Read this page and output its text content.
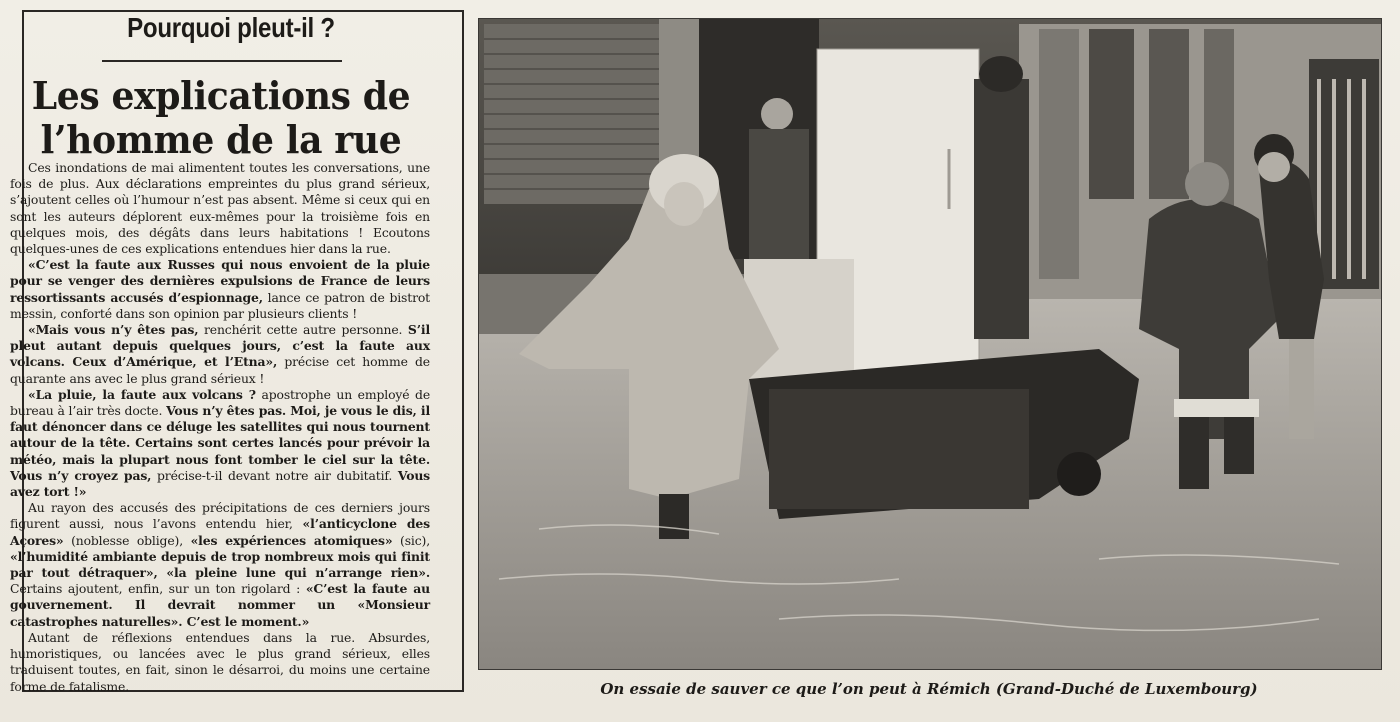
Pourquoi pleut-il ?
Les explications de
l’homme de la rue

Ces inondations de mai alimentent toutes les conversations, une fois de plus. Aux déclarations empreintes du plus grand sérieux, s’ajoutent celles où l’humour n’est pas absent. Même si ceux qui en sont les auteurs déplorent eux-mêmes pour la troisième fois en quelques mois, des dégâts dans leurs habitations ! Ecoutons quelques-unes de ces explications entendues hier dans la rue.

«C’est la faute aux Russes qui nous envoient de la pluie pour se venger des dernières expulsions de France de leurs ressortissants accusés d’espionnage, lance ce patron de bistrot messin, conforté dans son opinion par plusieurs clients !

«Mais vous n’y êtes pas, renchérit cette autre personne. S’il pleut autant depuis quelques jours, c’est la faute aux volcans. Ceux d’Amérique, et l’Etna», précise cet homme de quarante ans avec le plus grand sérieux !

«La pluie, la faute aux volcans ? apostrophe un employé de bureau à l’air très docte. Vous n’y êtes pas. Moi, je vous le dis, il faut dénoncer dans ce déluge les satellites qui nous tournent autour de la tête. Certains sont certes lancés pour prévoir la météo, mais la plupart nous font tomber le ciel sur la tête. Vous n’y croyez pas, précise-t-il devant notre air dubitatif. Vous avez tort !»

Au rayon des accusés des précipitations de ces derniers jours figurent aussi, nous l’avons entendu hier, «l’anticyclone des Açores» (noblesse oblige), «les expériences atomiques» (sic), «l’humidité ambiante depuis de trop nombreux mois qui finit par tout détraquer», «la pleine lune qui n’arrange rien». Certains ajoutent, enfin, sur un ton rigolard : «C’est la faute au gouvernement. Il devrait nommer un «Monsieur catastrophes naturelles». C’est le moment.»

Autant de réflexions entendues dans la rue. Absurdes, humoristiques, ou lancées avec le plus grand sérieux, elles traduisent toutes, en fait, sinon le désarroi, du moins une certaine forme de fatalisme.	On essaie de sauver ce que l’on peut à Rémich (Grand-Duché de Luxembourg)
